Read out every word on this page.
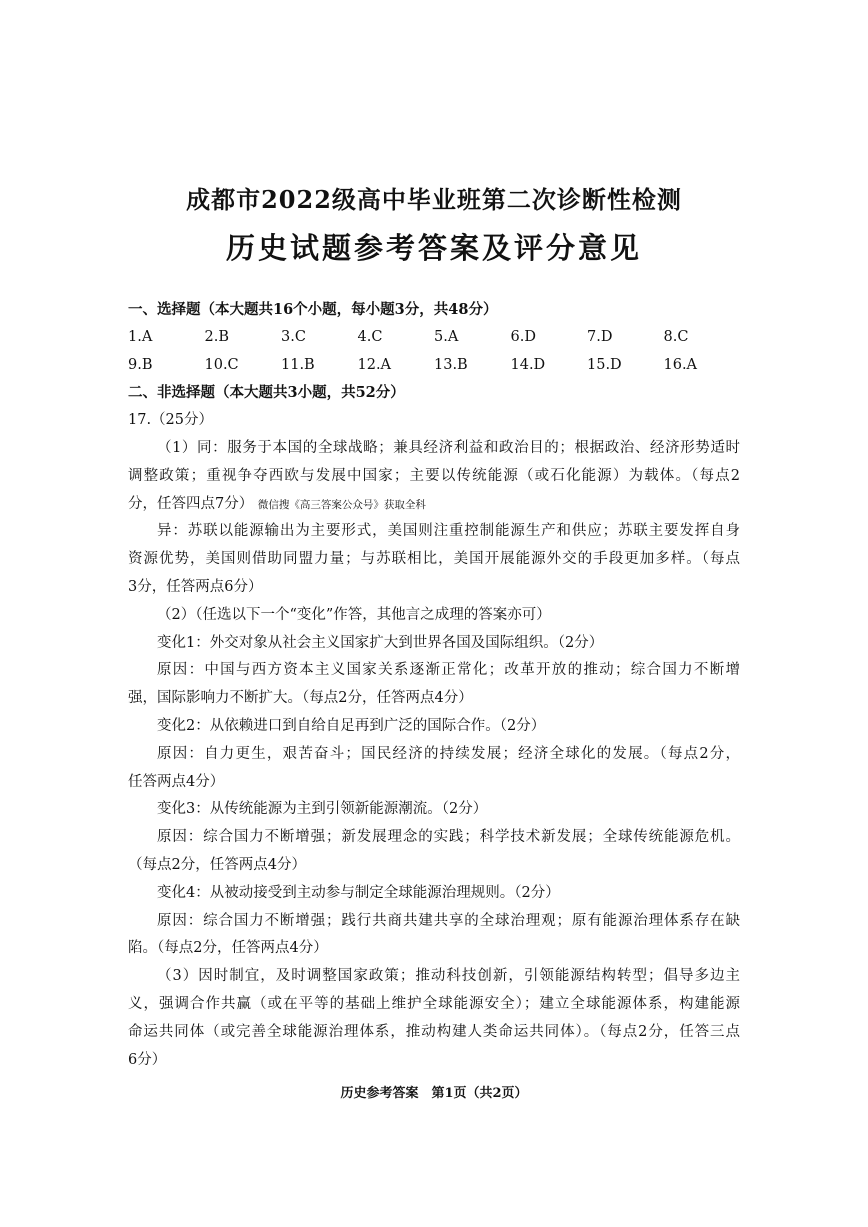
成都市2022级高中毕业班第二次诊断性检测
历史试题参考答案及评分意见
一、选择题（本大题共16个小题，每小题3分，共48分）
1.A	2.B	3.C	4.C	5.A	6.D	7.D	8.C
9.B	10.C	11.B	12.A	13.B	14.D	15.D	16.A
二、非选择题（本大题共3小题，共52分）
17.（25分）
（1）同：服务于本国的全球战略；兼具经济利益和政治目的；根据政治、经济形势适时
调整政策；重视争夺西欧与发展中国家；主要以传统能源（或石化能源）为载体。（每点2
分，任答四点7分） 微信搜《高三答案公众号》获取全科
异：苏联以能源输出为主要形式，美国则注重控制能源生产和供应；苏联主要发挥自身
资源优势，美国则借助同盟力量；与苏联相比，美国开展能源外交的手段更加多样。（每点
3分，任答两点6分）
（2）（任选以下一个“变化”作答，其他言之成理的答案亦可）
变化1：外交对象从社会主义国家扩大到世界各国及国际组织。（2分）
原因：中国与西方资本主义国家关系逐渐正常化；改革开放的推动；综合国力不断增
强，国际影响力不断扩大。（每点2分，任答两点4分）
变化2：从依赖进口到自给自足再到广泛的国际合作。（2分）
原因：自力更生，艰苦奋斗；国民经济的持续发展；经济全球化的发展。（每点2分，
任答两点4分）
变化3：从传统能源为主到引领新能源潮流。（2分）
原因：综合国力不断增强；新发展理念的实践；科学技术新发展；全球传统能源危机。
（每点2分，任答两点4分）
变化4：从被动接受到主动参与制定全球能源治理规则。（2分）
原因：综合国力不断增强；践行共商共建共享的全球治理观；原有能源治理体系存在缺
陷。（每点2分，任答两点4分）
（3）因时制宜，及时调整国家政策；推动科技创新，引领能源结构转型；倡导多边主
义，强调合作共赢（或在平等的基础上维护全球能源安全）；建立全球能源体系，构建能源
命运共同体（或完善全球能源治理体系，推动构建人类命运共同体）。（每点2分，任答三点
6分）
历史参考答案　第1页（共2页）
